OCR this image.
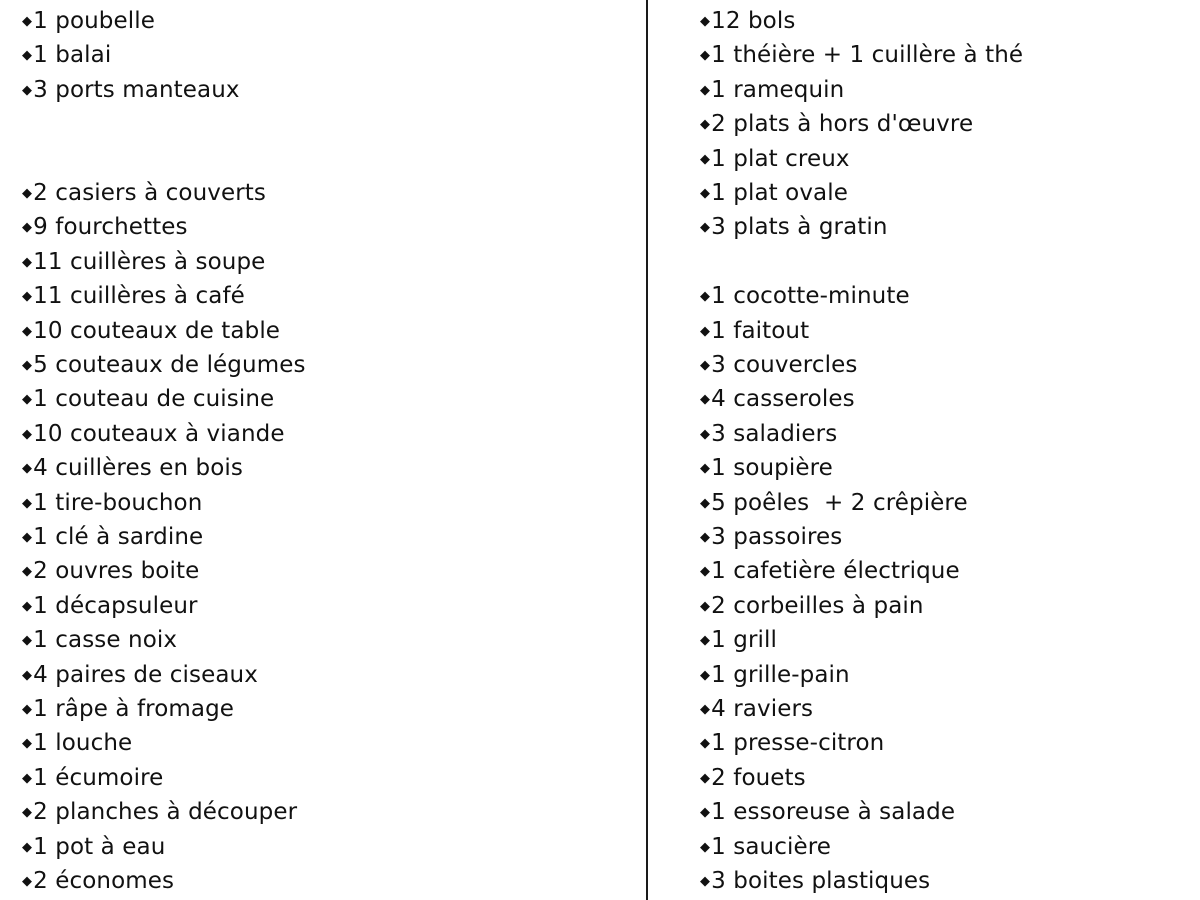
◆1 poubelle
◆1 balai
◆3 ports manteaux
◆2 casiers à couverts
◆9 fourchettes
◆11 cuillères à soupe
◆11 cuillères à café
◆10 couteaux de table
◆5 couteaux de légumes
◆1 couteau de cuisine
◆10 couteaux à viande
◆4 cuillères en bois
◆1 tire-bouchon
◆1 clé à sardine
◆2 ouvres boite
◆1 décapsuleur
◆1 casse noix
◆4 paires de ciseaux
◆1 râpe à fromage
◆1 louche
◆1 écumoire
◆2 planches à découper
◆1 pot à eau
◆2 économes
◆12 bols
◆1 théière + 1 cuillère à thé
◆1 ramequin
◆2 plats à hors d'œuvre
◆1 plat creux
◆1 plat ovale
◆3 plats à gratin
◆1 cocotte-minute
◆1 faitout
◆3 couvercles
◆4 casseroles
◆3 saladiers
◆1 soupière
◆5 poêles  + 2 crêpière
◆3 passoires
◆1 cafetière électrique
◆2 corbeilles à pain
◆1 grill
◆1 grille-pain
◆4 raviers
◆1 presse-citron
◆2 fouets
◆1 essoreuse à salade
◆1 saucière
◆3 boites plastiques
